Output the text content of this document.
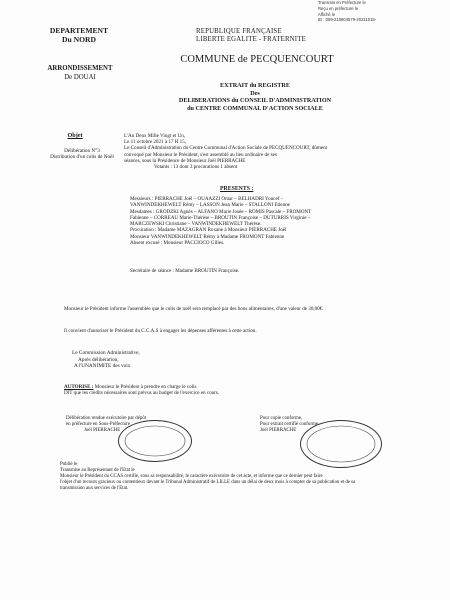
Transmis en Préfecture le
Reçu en préfecture le
Affiché le
ID : 059-215904579-20211015-
DEPARTEMENT
Du NORD
ARRONDISSEMENT
De DOUAI
REPUBLIQUE FRANÇAISE
LIBERTE EGALITE - FRATERNITE
COMMUNE de PECQUENCOURT
EXTRAIT du REGISTRE
Des
DELIBERATIONS du CONSEIL D'ADMINISTRATION
du CENTRE COMMUNAL D'ACTION SOCIALE
Objet
Délibération N°3
Distribution d'un colis de Noël
L'An Deux Mille Vingt et Un,
Le 11 octobre 2021 à 17 H 15,
Le Conseil d'Administration du Centre Communal d'Action Sociale de PECQUENCOURT, dûment
convoqué par Monsieur le Président, s'est assemblé au lieu ordinaire de ses
séances, sous la Présidence de Monsieur Joël PIERRACHE
Votants : 13 dont 3 procurations 1 absent
PRESENTS :
Messieurs : PIERRACHE Joël – OUAAZZI Omar – BELHADRI Youcef –
VANWINDEKHEWELT Rémy – LASSON Jean Marie – STALLONI Etienne
Mesdames : GRODZKI Agnès – ALFANO Marie Josée – ROMIS Pascale – FROMONT
Fabienne – CORREAU Marie-Thérèse – BROUTIN Françoise – DUTURRIS Virginie –
MARCZEWSKI Christiane – VANWINDEKHEWELT Thérèse.
Procuration : Madame MAZAGRAN Roxane à Monsieur PIERRACHE Joël
Monsieur VANWINDEKHEWELT Rémy à Madame FROMONT Fabienne
Absent excusé : Monsieur PACCIOCO Gilles.
Secrétaire de séance : Madame BROUTIN Françoise.
Monsieur le Président informe l'assemblée que le colis de noël sera remplacé par des bons alimentaires, d'une valeur de 30,00€.
Il convient d'autoriser le Président du C.C.A.S à engager les dépenses afférentes à cette action.
Le Commission Administrative,
Après délibération,
A l'UNANIMITE des voix
AUTORISE : Monsieur le Président à prendre en charge le colis
DIT que les crédits nécessaires sont prévus au budget de l'exercice en cours.
Délibération rendue exécutoire par dépôt
en préfecture en Sous-Préfecture
Joël PIERRACHE
Pour copie conforme,
Pour extrait certifié conforme
Joël PIERRACHE
Publié le
Transmise au Représentant de l'Etat le
Monsieur le Président du CCAS certifie, sous sa responsabilité, le caractère exécutoire de cet acte, et informe que ce dernier peut faire
l'objet d'un recours gracieux ou contentieux devant le Tribunal Administratif de LILLE dans un délai de deux mois à compter de sa publication et de sa
transmission aux services de l'Etat.
